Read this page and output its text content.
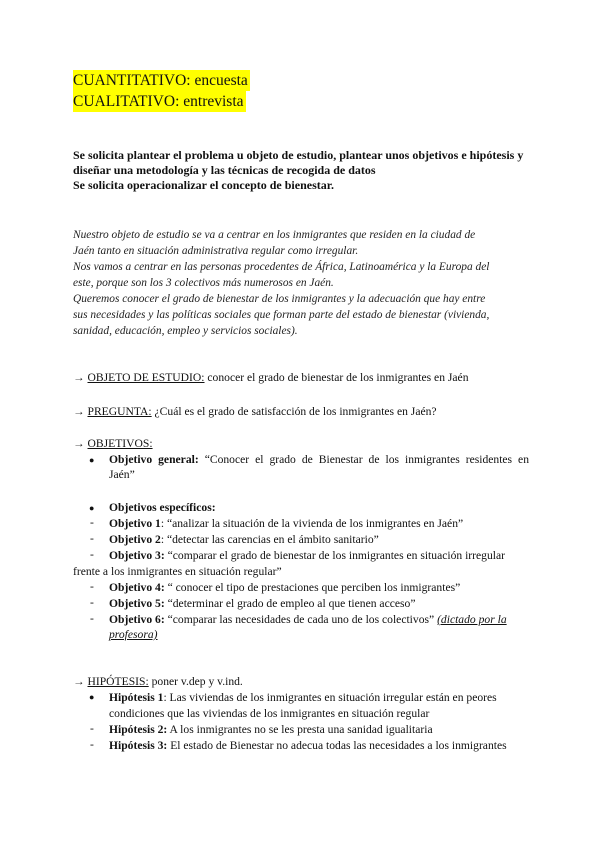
CUANTITATIVO: encuesta
CUALITATIVO: entrevista
Se solicita plantear el problema u objeto de estudio, plantear unos objetivos e hipótesis y
diseñar una metodología y las técnicas de recogida de datos
Se solicita operacionalizar el concepto de bienestar.
Nuestro objeto de estudio se va a centrar en los inmigrantes que residen en la ciudad de
Jaén tanto en situación administrativa regular como irregular.
Nos vamos a centrar en las personas procedentes de África, Latinoamérica y la Europa del
este, porque son los 3 colectivos más numerosos en Jaén.
Queremos conocer el grado de bienestar de los inmigrantes y la adecuación que hay entre
sus necesidades y las políticas sociales que forman parte del estado de bienestar (vivienda,
sanidad, educación, empleo y servicios sociales).
→ OBJETO DE ESTUDIO: conocer el grado de bienestar de los inmigrantes en Jaén
→ PREGUNTA: ¿Cuál es el grado de satisfacción de los inmigrantes en Jaén?
→ OBJETIVOS:
● Objetivo general: “Conocer el grado de Bienestar de los inmigrantes residentes en
Jaén”
● Objetivos específicos:
- Objetivo 1: “analizar la situación de la vivienda de los inmigrantes en Jaén”
- Objetivo 2: “detectar las carencias en el ámbito sanitario”
- Objetivo 3: “comparar el grado de bienestar de los inmigrantes en situación irregular
frente a los inmigrantes en situación regular”
- Objetivo 4: “ conocer el tipo de prestaciones que perciben los inmigrantes”
- Objetivo 5: “determinar el grado de empleo al que tienen acceso”
- Objetivo 6: “comparar las necesidades de cada uno de los colectivos” (dictado por la
profesora)
→ HIPÓTESIS: poner v.dep y v.ind.
● Hipótesis 1: Las viviendas de los inmigrantes en situación irregular están en peores
condiciones que las viviendas de los inmigrantes en situación regular
- Hipótesis 2: A los inmigrantes no se les presta una sanidad igualitaria
- Hipótesis 3: El estado de Bienestar no adecua todas las necesidades a los inmigrantes
